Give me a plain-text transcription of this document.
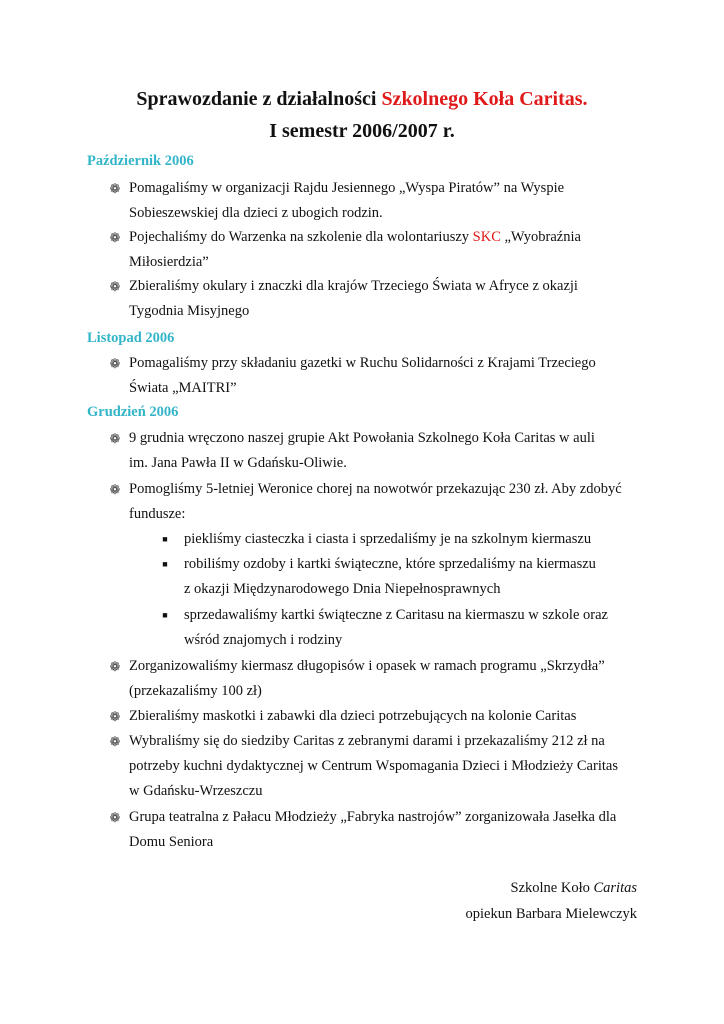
Sprawozdanie z działalności Szkolnego Koła Caritas.
I semestr 2006/2007 r.
Październik 2006
❁ Pomagaliśmy w organizacji Rajdu Jesiennego „Wyspa Piratów” na Wyspie
Sobieszewskiej dla dzieci z ubogich rodzin.
❁ Pojechaliśmy do Warzenka na szkolenie dla wolontariuszy SKC „Wyobraźnia
Miłosierdzia”
❁ Zbieraliśmy okulary i znaczki dla krajów Trzeciego Świata w Afryce z okazji
Tygodnia Misyjnego
Listopad 2006
❁ Pomagaliśmy przy składaniu gazetki w Ruchu Solidarności z Krajami Trzeciego
Świata „MAITRI”
Grudzień 2006
❁ 9 grudnia wręczono naszej grupie Akt Powołania Szkolnego Koła Caritas w auli
im. Jana Pawła II w Gdańsku-Oliwie.
❁ Pomogliśmy 5-letniej Weronice chorej na nowotwór przekazując 230 zł. Aby zdobyć
fundusze:
■ piekliśmy ciasteczka i ciasta i sprzedaliśmy je na szkolnym kiermaszu
■ robiliśmy ozdoby i kartki świąteczne, które sprzedaliśmy na kiermaszu
z okazji Międzynarodowego Dnia Niepełnosprawnych
■ sprzedawaliśmy kartki świąteczne z Caritasu na kiermaszu w szkole oraz
wśród znajomych i rodziny
❁ Zorganizowaliśmy kiermasz długopisów i opasek w ramach programu „Skrzydła”
(przekazaliśmy 100 zł)
❁ Zbieraliśmy maskotki i zabawki dla dzieci potrzebujących na kolonie Caritas
❁ Wybraliśmy się do siedziby Caritas z zebranymi darami i przekazaliśmy 212 zł na
potrzeby kuchni dydaktycznej w Centrum Wspomagania Dzieci i Młodzieży Caritas
w Gdańsku-Wrzeszczu
❁ Grupa teatralna z Pałacu Młodzieży „Fabryka nastrojów” zorganizowała Jasełka dla
Domu Seniora
Szkolne Koło Caritas
opiekun Barbara Mielewczyk
